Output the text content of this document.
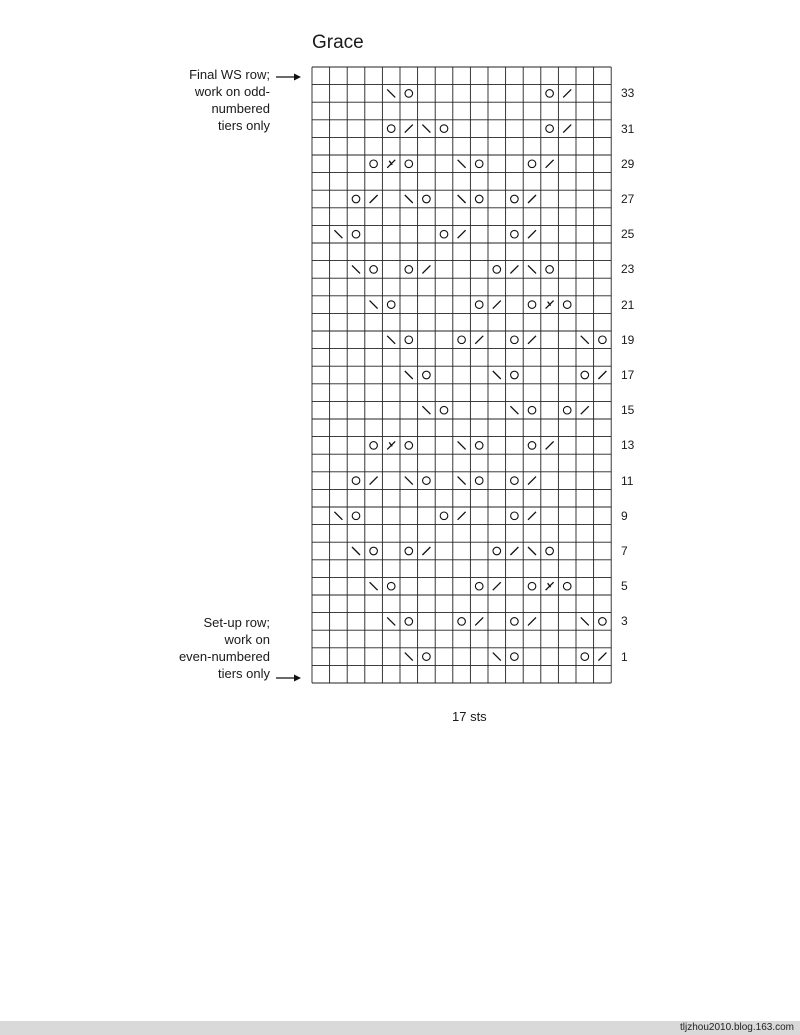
Grace
Final WS row;
work on odd-
numbered
tiers only
Set-up row;
work on
even-numbered
tiers only
33
31
29
27
25
23
21
19
17
15
13
11
9
7
5
3
1
17 sts
tljzhou2010.blog.163.com
